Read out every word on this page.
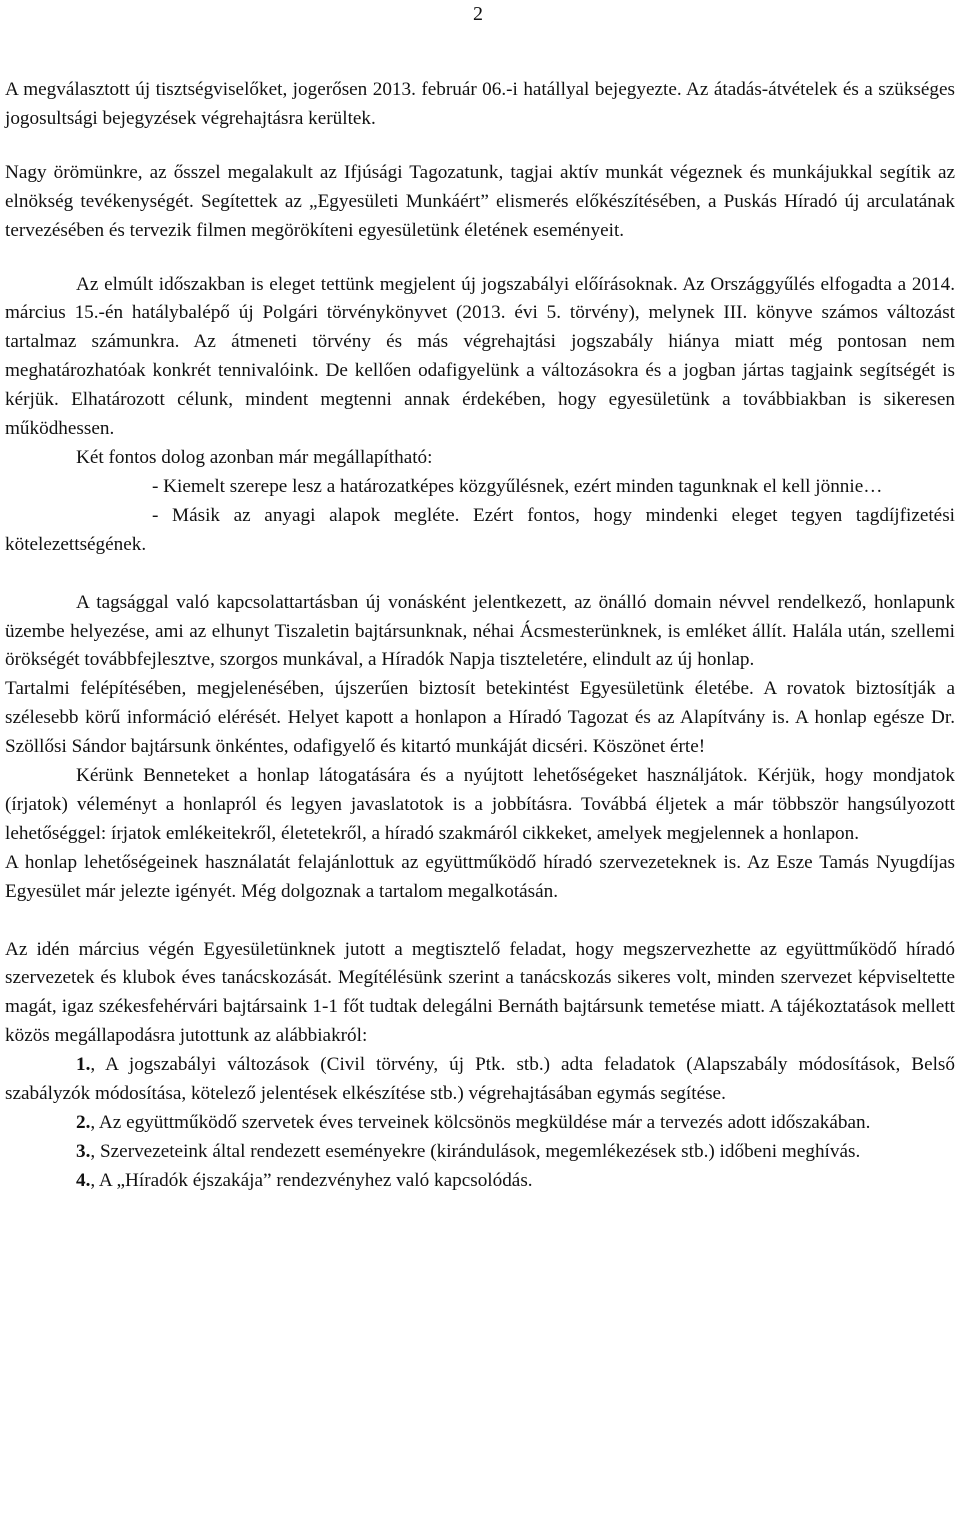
2

A megválasztott új tisztségviselőket, jogerősen 2013. február 06.-i hatállyal bejegyezte. Az átadás-átvételek és a szükséges jogosultsági bejegyzések végrehajtásra kerültek.

Nagy örömünkre, az ősszel megalakult az Ifjúsági Tagozatunk, tagjai aktív munkát végeznek és munkájukkal segítik az elnökség tevékenységét. Segítettek az „Egyesületi Munkáért” elismerés előkészítésében, a Puskás Híradó új arculatának tervezésében és tervezik filmen megörökíteni egyesületünk életének eseményeit.

Az elmúlt időszakban is eleget tettünk megjelent új jogszabályi előírásoknak. Az Országgyűlés elfogadta a 2014. március 15.-én hatálybalépő új Polgári törvénykönyvet (2013. évi 5. törvény), melynek III. könyve számos változást tartalmaz számunkra. Az átmeneti törvény és más végrehajtási jogszabály hiánya miatt még pontosan nem meghatározhatóak konkrét tennivalóink. De kellően odafigyelünk a változásokra és a jogban jártas tagjaink segítségét is kérjük. Elhatározott célunk, mindent megtenni annak érdekében, hogy egyesületünk a továbbiakban is sikeresen működhessen.

Két fontos dolog azonban már megállapítható:

- Kiemelt szerepe lesz a határozatképes közgyűlésnek, ezért minden tagunknak el kell jönnie…

- Másik az anyagi alapok megléte. Ezért fontos, hogy mindenki eleget tegyen tagdíjfizetési kötelezettségének.

A tagsággal való kapcsolattartásban új vonásként jelentkezett, az önálló domain névvel rendelkező, honlapunk üzembe helyezése, ami az elhunyt Tiszaletin bajtársunknak, néhai Ácsmesterünknek, is emléket állít. Halála után, szellemi örökségét továbbfejlesztve, szorgos munkával, a Híradók Napja tiszteletére, elindult az új honlap.

Tartalmi felépítésében, megjelenésében, újszerűen biztosít betekintést Egyesületünk életébe. A rovatok biztosítják a szélesebb körű információ elérését. Helyet kapott a honlapon a Híradó Tagozat és az Alapítvány is. A honlap egésze Dr. Szöllősi Sándor bajtársunk önkéntes, odafigyelő és kitartó munkáját dicséri. Köszönet érte!

Kérünk Benneteket a honlap látogatására és a nyújtott lehetőségeket használjátok. Kérjük, hogy mondjatok (írjatok) véleményt a honlapról és legyen javaslatotok is a jobbításra. Továbbá éljetek a már többször hangsúlyozott lehetőséggel: írjatok emlékeitekről, életetekről, a híradó szakmáról cikkeket, amelyek megjelennek a honlapon.

A honlap lehetőségeinek használatát felajánlottuk az együttműködő híradó szervezeteknek is. Az Esze Tamás Nyugdíjas Egyesület már jelezte igényét. Még dolgoznak a tartalom megalkotásán.

Az idén március végén Egyesületünknek jutott a megtisztelő feladat, hogy megszervezhette az együttműködő híradó szervezetek és klubok éves tanácskozását. Megítélésünk szerint a tanácskozás sikeres volt, minden szervezet képviseltette magát, igaz székesfehérvári bajtársaink 1-1 főt tudtak delegálni Bernáth bajtársunk temetése miatt. A tájékoztatások mellett közös megállapodásra jutottunk az alábbiakról:

1., A jogszabályi változások (Civil törvény, új Ptk. stb.) adta feladatok (Alapszabály módosítások, Belső szabályzók módosítása, kötelező jelentések elkészítése stb.) végrehajtásában egymás segítése.

2., Az együttműködő szervetek éves terveinek kölcsönös megküldése már a tervezés adott időszakában.

3., Szervezeteink által rendezett eseményekre (kirándulások, megemlékezések stb.) időbeni meghívás.

4., A „Híradók éjszakája” rendezvényhez való kapcsolódás.
